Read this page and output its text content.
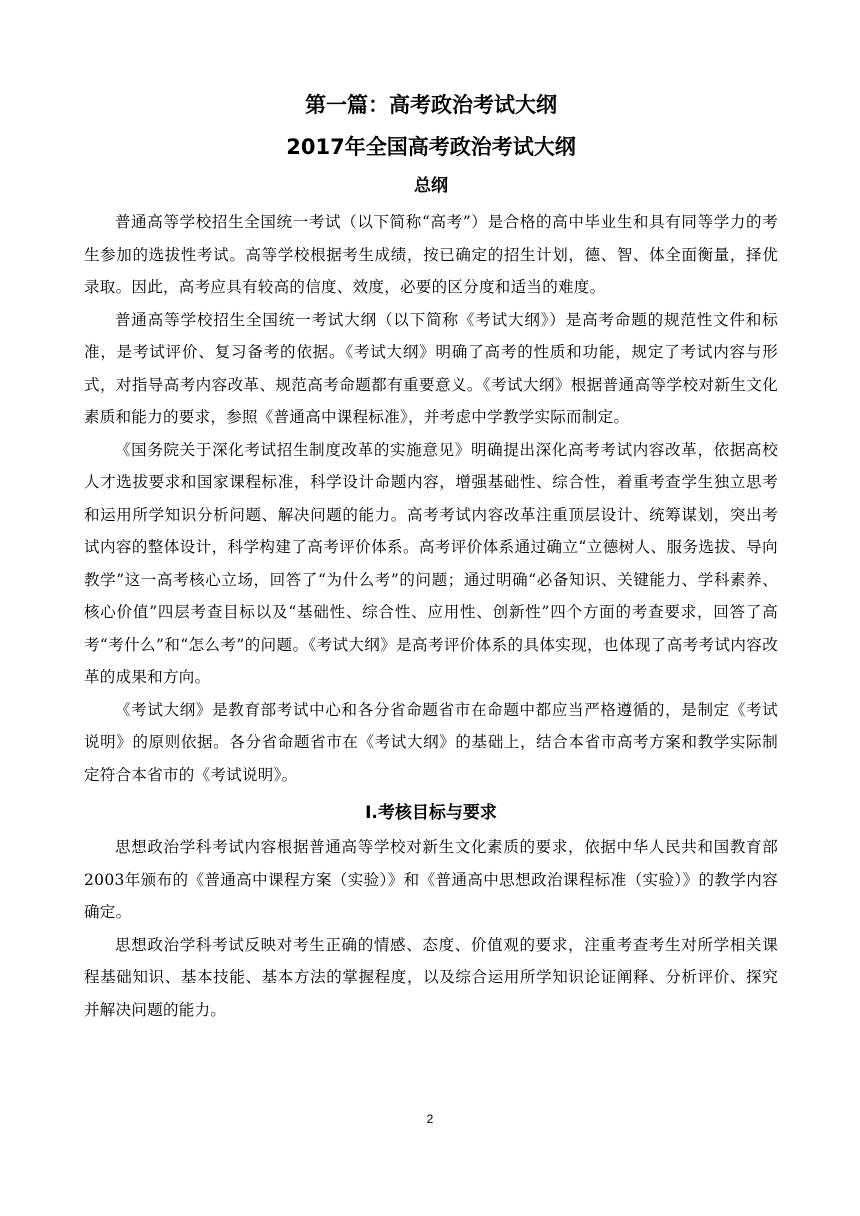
第一篇：高考政治考试大纲
2017年全国高考政治考试大纲
总纲

普通高等学校招生全国统一考试（以下简称“高考”）是合格的高中毕业生和具有同等学力的考生参加的选拔性考试。高等学校根据考生成绩，按已确定的招生计划，德、智、体全面衡量，择优录取。因此，高考应具有较高的信度、效度，必要的区分度和适当的难度。

普通高等学校招生全国统一考试大纲（以下简称《考试大纲》）是高考命题的规范性文件和标准，是考试评价、复习备考的依据。《考试大纲》明确了高考的性质和功能，规定了考试内容与形式，对指导高考内容改革、规范高考命题都有重要意义。《考试大纲》根据普通高等学校对新生文化素质和能力的要求，参照《普通高中课程标准》，并考虑中学教学实际而制定。

《国务院关于深化考试招生制度改革的实施意见》明确提出深化高考考试内容改革，依据高校人才选拔要求和国家课程标准，科学设计命题内容，增强基础性、综合性，着重考查学生独立思考和运用所学知识分析问题、解决问题的能力。高考考试内容改革注重顶层设计、统筹谋划，突出考试内容的整体设计，科学构建了高考评价体系。高考评价体系通过确立“立德树人、服务选拔、导向教学”这一高考核心立场，回答了“为什么考”的问题；通过明确“必备知识、关键能力、学科素养、核心价值”四层考查目标以及“基础性、综合性、应用性、创新性”四个方面的考查要求，回答了高考“考什么”和“怎么考”的问题。《考试大纲》是高考评价体系的具体实现，也体现了高考考试内容改革的成果和方向。

《考试大纲》是教育部考试中心和各分省命题省市在命题中都应当严格遵循的，是制定《考试说明》的原则依据。各分省命题省市在《考试大纲》的基础上，结合本省市高考方案和教学实际制定符合本省市的《考试说明》。

Ⅰ.考核目标与要求

思想政治学科考试内容根据普通高等学校对新生文化素质的要求，依据中华人民共和国教育部2003年颁布的《普通高中课程方案（实验）》和《普通高中思想政治课程标准（实验）》的教学内容确定。

思想政治学科考试反映对考生正确的情感、态度、价值观的要求，注重考查考生对所学相关课程基础知识、基本技能、基本方法的掌握程度，以及综合运用所学知识论证阐释、分析评价、探究并解决问题的能力。

2
